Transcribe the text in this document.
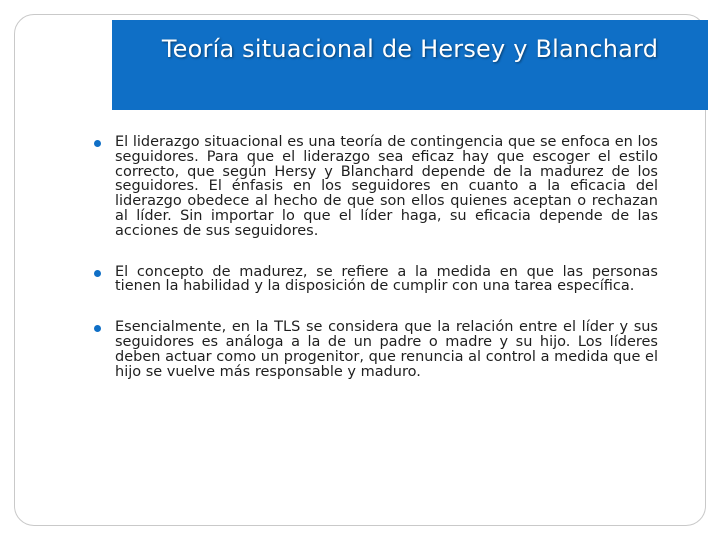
Teoría situacional de Hersey y Blanchard
El liderazgo situacional es una teoría de contingencia que se enfoca en los seguidores. Para que el liderazgo sea eficaz hay que escoger el estilo correcto, que según Hersy y Blanchard depende de la madurez de los seguidores. El énfasis en los seguidores en cuanto a la eficacia del liderazgo obedece al hecho de que son ellos quienes aceptan o rechazan al líder. Sin importar lo que el líder haga, su eficacia depende de las acciones de sus seguidores.
El concepto de madurez, se refiere a la medida en que las personas tienen la habilidad y la disposición de cumplir con una tarea específica.
Esencialmente, en la TLS se considera que la relación entre el líder y sus seguidores es análoga a la de un padre o madre y su hijo. Los líderes deben actuar como un progenitor, que renuncia al control a medida que el hijo se vuelve más responsable y maduro.
